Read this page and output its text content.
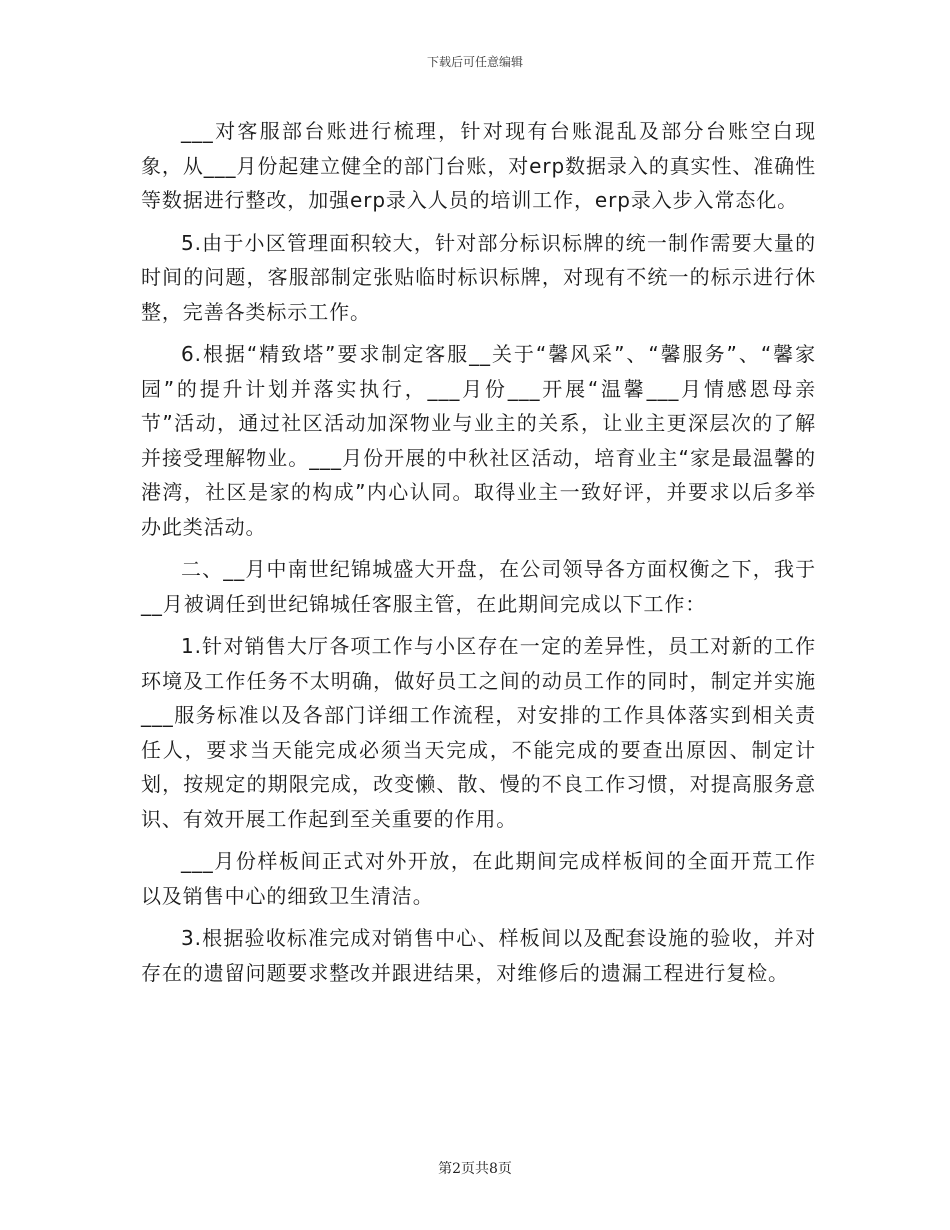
下载后可任意编辑

___对客服部台账进行梳理，针对现有台账混乱及部分台账空白现象，从___月份起建立健全的部门台账，对erp数据录入的真实性、准确性等数据进行整改，加强erp录入人员的培训工作，erp录入步入常态化。

5.由于小区管理面积较大，针对部分标识标牌的统一制作需要大量的时间的问题，客服部制定张贴临时标识标牌，对现有不统一的标示进行休整，完善各类标示工作。

6.根据“精致塔”要求制定客服__关于“馨风采”、“馨服务”、“馨家园”的提升计划并落实执行，___月份___开展“温馨___月情感恩母亲节”活动，通过社区活动加深物业与业主的关系，让业主更深层次的了解并接受理解物业。___月份开展的中秋社区活动，培育业主“家是最温馨的港湾，社区是家的构成”内心认同。取得业主一致好评，并要求以后多举办此类活动。

二、__月中南世纪锦城盛大开盘，在公司领导各方面权衡之下，我于__月被调任到世纪锦城任客服主管，在此期间完成以下工作：

1.针对销售大厅各项工作与小区存在一定的差异性，员工对新的工作环境及工作任务不太明确，做好员工之间的动员工作的同时，制定并实施___服务标准以及各部门详细工作流程，对安排的工作具体落实到相关责任人，要求当天能完成必须当天完成，不能完成的要查出原因、制定计划，按规定的期限完成，改变懒、散、慢的不良工作习惯，对提高服务意识、有效开展工作起到至关重要的作用。

___月份样板间正式对外开放，在此期间完成样板间的全面开荒工作以及销售中心的细致卫生清洁。

3.根据验收标准完成对销售中心、样板间以及配套设施的验收，并对存在的遗留问题要求整改并跟进结果，对维修后的遗漏工程进行复检。

第2页共8页
